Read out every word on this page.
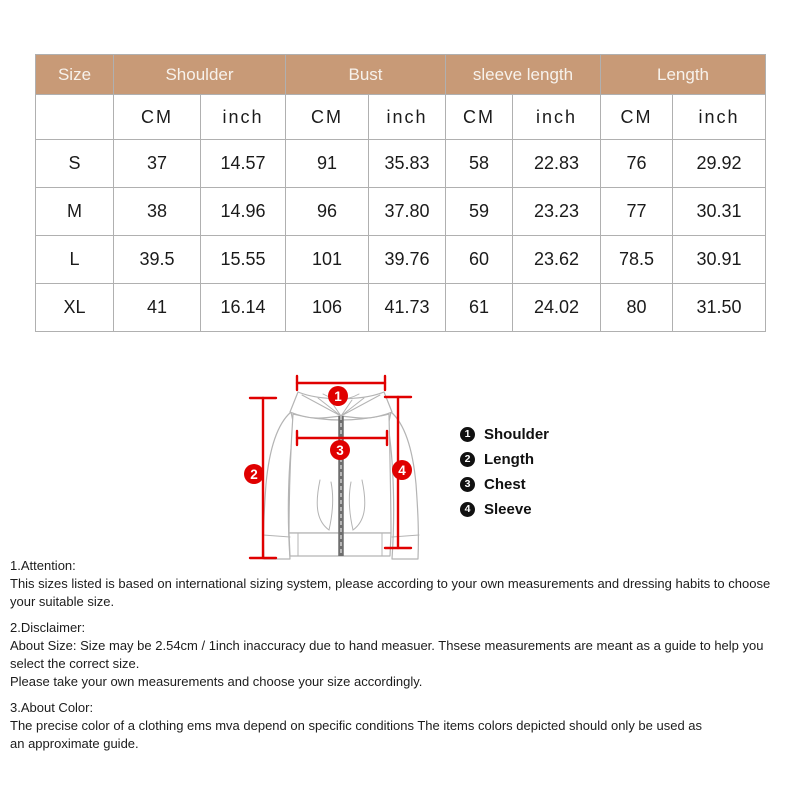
Size	Shoulder		Bust		sleeve length		Length	
	CM	inch	CM	inch	CM	inch	CM	inch
S	37	14.57	91	35.83	58	22.83	76	29.92
M	38	14.96	96	37.80	59	23.23	77	30.31
L	39.5	15.55	101	39.76	60	23.62	78.5	30.91
XL	41	16.14	106	41.73	61	24.02	80	31.50
1
2
3
4
1 Shoulder
2 Length
3 Chest
4 Sleeve
1.Attention:
This sizes listed is based on international sizing system, please according to your own measurements and dressing habits to choose your suitable size.
2.Disclaimer:
About Size: Size may be 2.54cm / 1inch inaccuracy due to hand measuer. Thsese measurements are meant as a guide to help you select the correct size.
Please take your own measurements and choose your size accordingly.
3.About Color:
The precise color of a clothing ems mva depend on specific conditions The items colors depicted should only be used as
an approximate guide.
